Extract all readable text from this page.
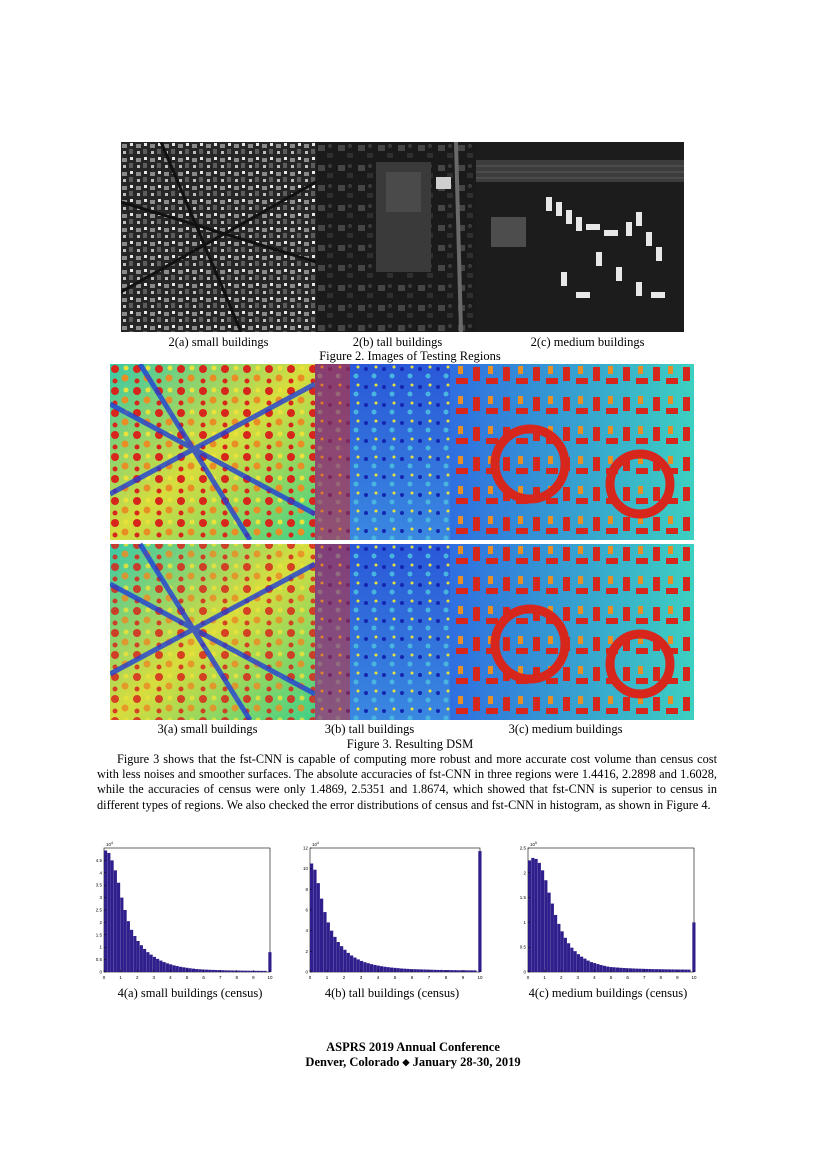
2(a) small buildings	2(b) tall buildings	2(c) medium buildings
Figure 2. Images of Testing Regions
3(a) small buildings	3(b) tall buildings	3(c) medium buildings
Figure 3. Resulting DSM
Figure 3 shows that the fst-CNN is capable of computing more robust and more accurate cost volume than census cost with less noises and smoother surfaces. The absolute accuracies of fst-CNN in three regions were 1.4416, 2.2898 and 1.6028, while the accuracies of census were only 1.4869, 2.5351 and 1.8674, which showed that fst-CNN is superior to census in different types of regions. We also checked the error distributions of census and fst-CNN in histogram, as shown in Figure 4.
0	1	2	3	4	5	6	7	8	9	10
0
0.5
1
1.5
2
2.5
3
3.5
4
4.5
$10^4$
0	1	2	3	4	5	6	7	8	9	10
0
2
4
6
8
10
12
$10^4$
0	1	2	3	4	5	6	7	8	9	10
0
0.5
1
1.5
2
2.5
$10^5$
4(a) small buildings (census)	4(b) tall buildings (census)	4(c) medium buildings (census)
ASPRS 2019 Annual Conference
Denver, Colorado ◆ January 28-30, 2019
